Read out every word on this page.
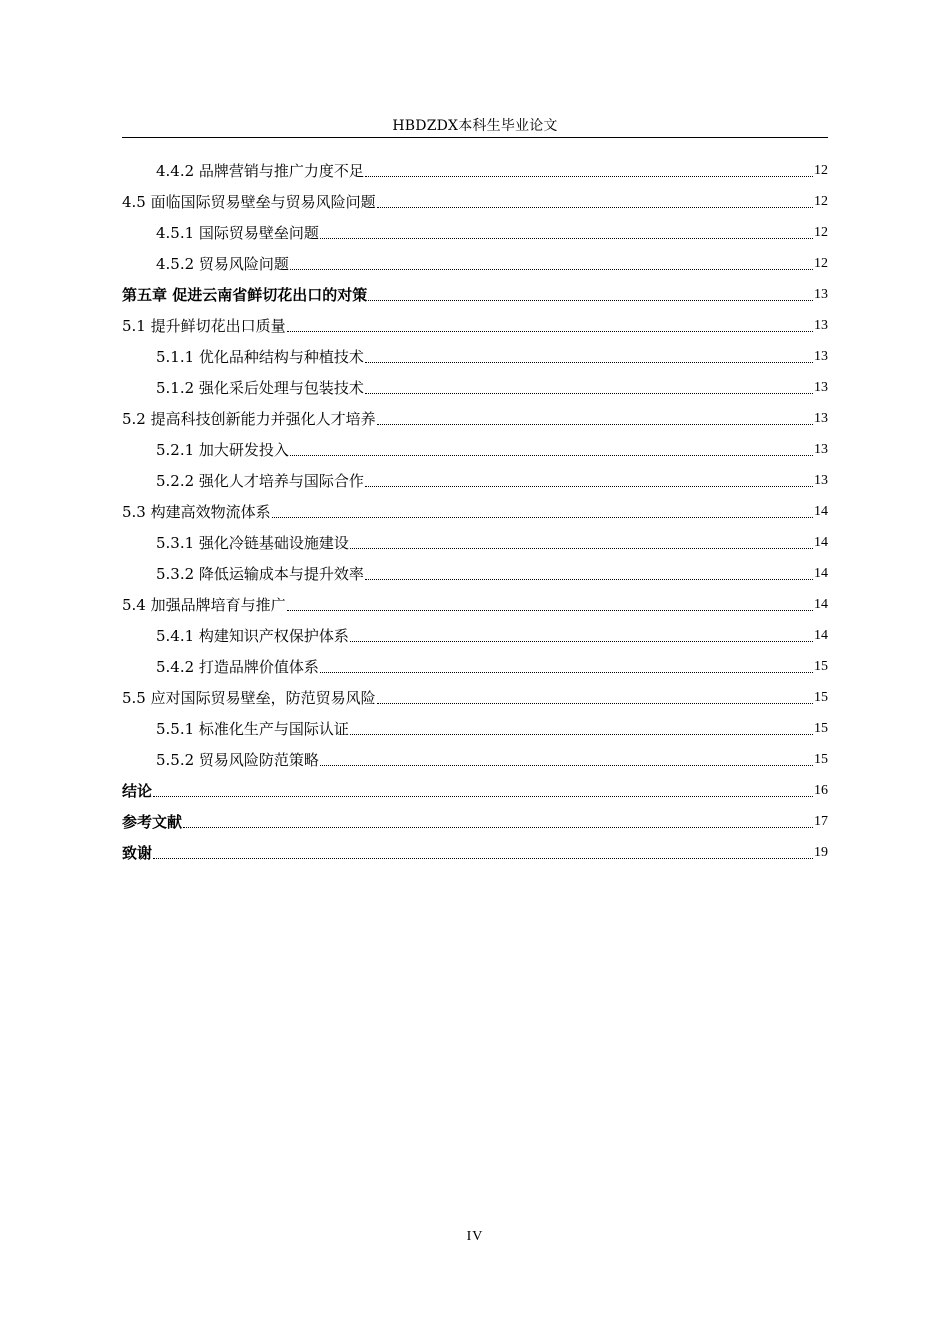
HBDZDX本科生毕业论文
4.4.2 品牌营销与推广力度不足	12
4.5 面临国际贸易壁垒与贸易风险问题	12
4.5.1 国际贸易壁垒问题	12
4.5.2 贸易风险问题	12
第五章 促进云南省鲜切花出口的对策	13
5.1 提升鲜切花出口质量	13
5.1.1 优化品种结构与种植技术	13
5.1.2 强化采后处理与包装技术	13
5.2 提高科技创新能力并强化人才培养	13
5.2.1 加大研发投入	13
5.2.2 强化人才培养与国际合作	13
5.3 构建高效物流体系	14
5.3.1 强化冷链基础设施建设	14
5.3.2 降低运输成本与提升效率	14
5.4 加强品牌培育与推广	14
5.4.1 构建知识产权保护体系	14
5.4.2 打造品牌价值体系	15
5.5 应对国际贸易壁垒，防范贸易风险	15
5.5.1 标准化生产与国际认证	15
5.5.2 贸易风险防范策略	15
结论	16
参考文献	17
致谢	19
IV
